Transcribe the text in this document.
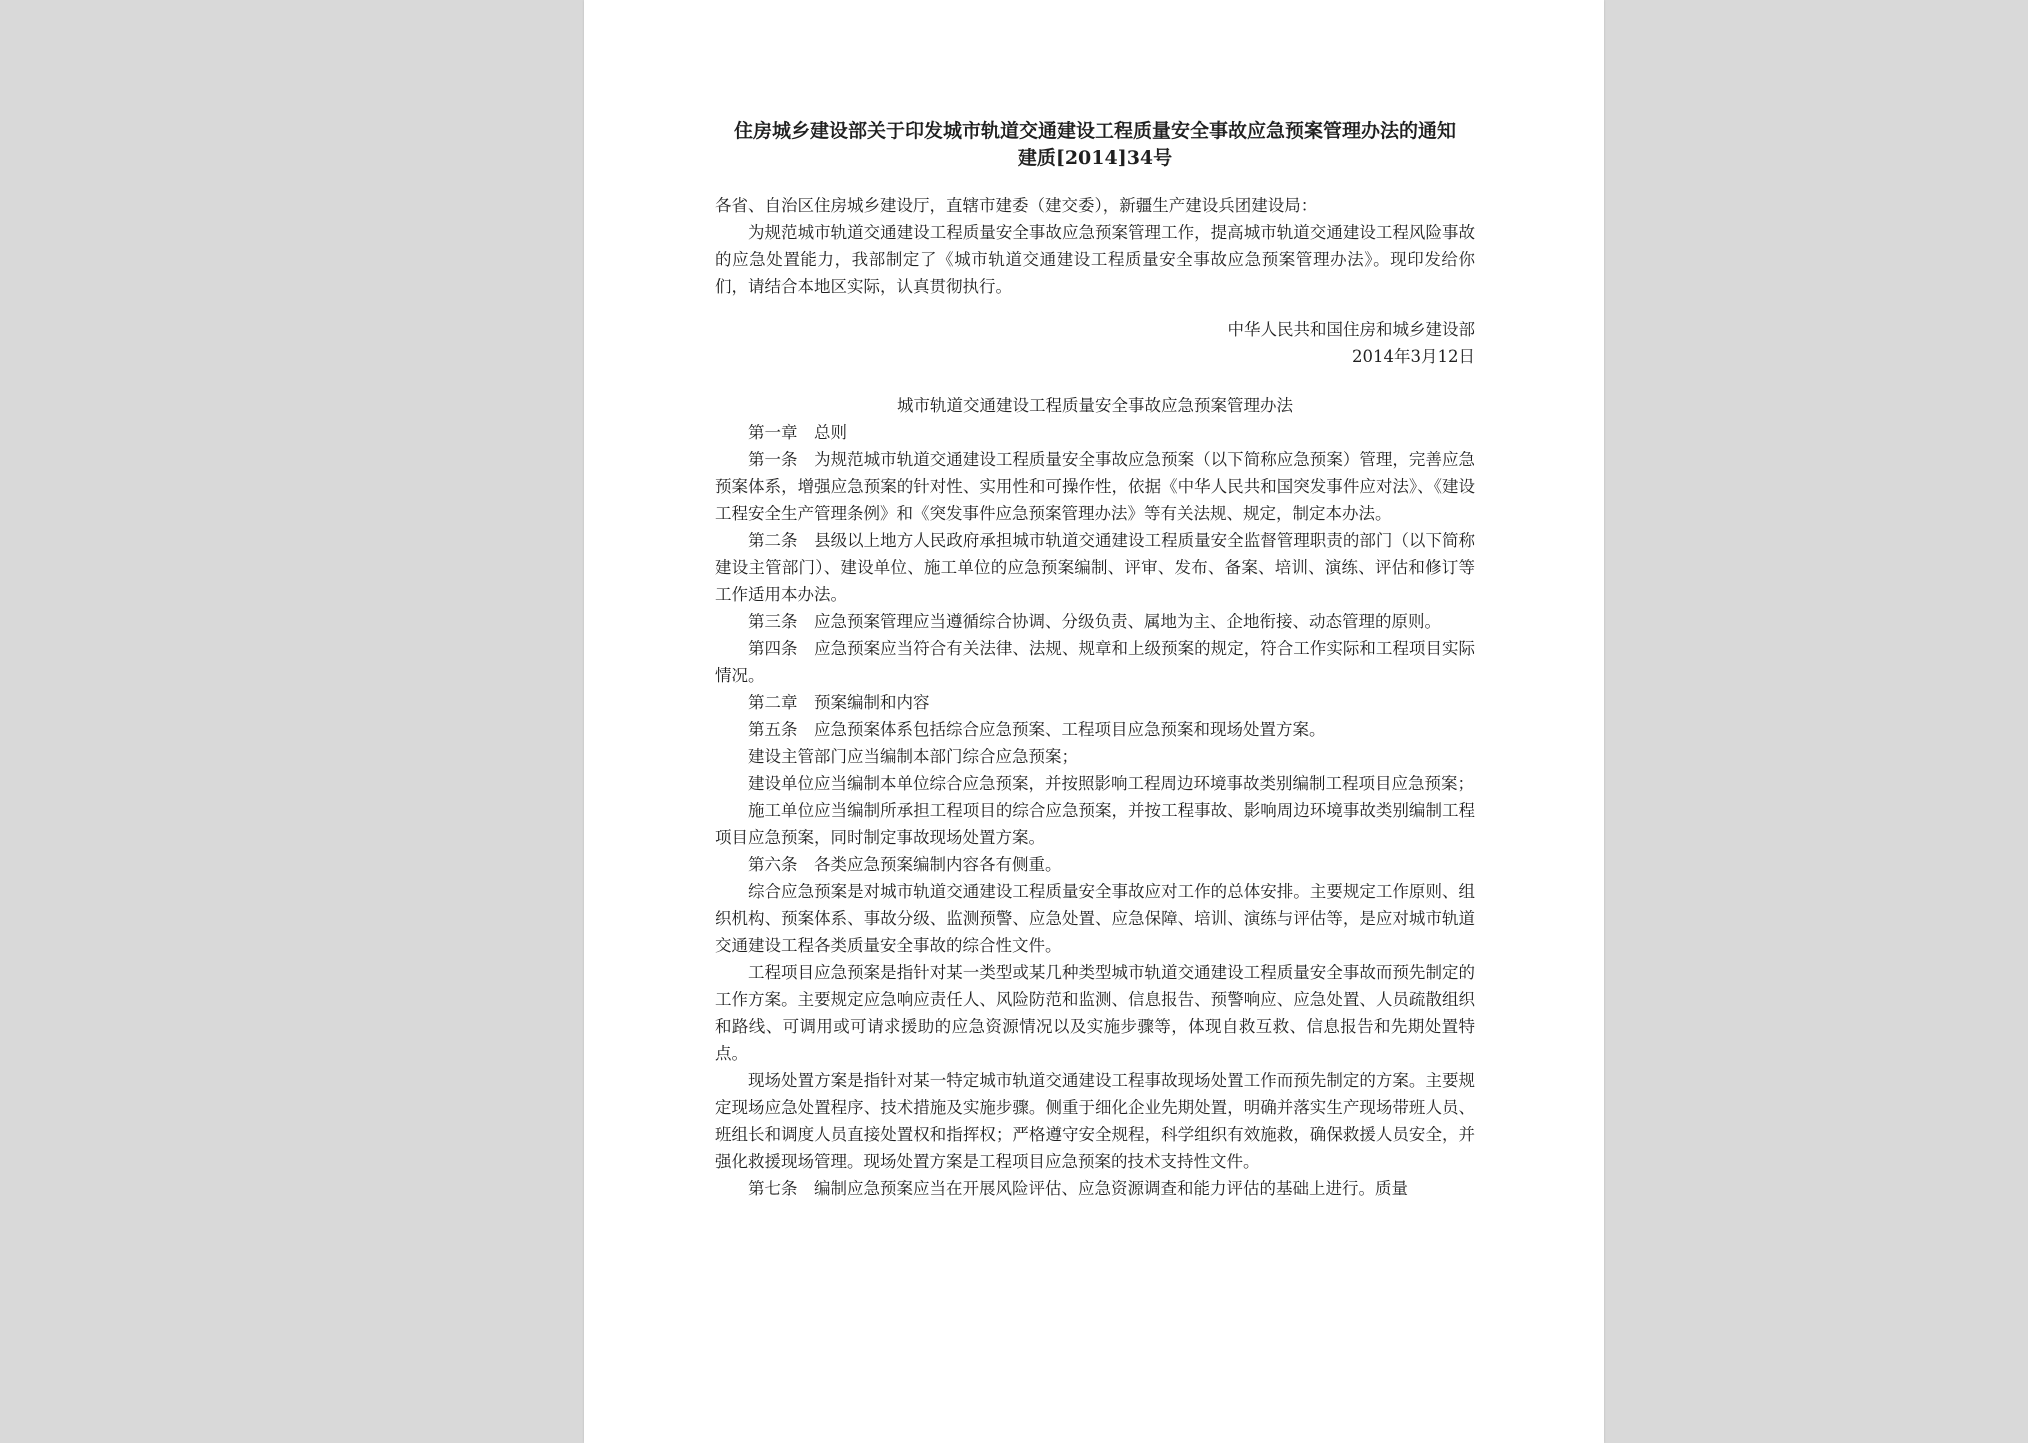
住房城乡建设部关于印发城市轨道交通建设工程质量安全事故应急预案管理办法的通知

建质[2014]34号

各省、自治区住房城乡建设厅，直辖市建委（建交委），新疆生产建设兵团建设局：

为规范城市轨道交通建设工程质量安全事故应急预案管理工作，提高城市轨道交通建设工程风险事故的应急处置能力，我部制定了《城市轨道交通建设工程质量安全事故应急预案管理办法》。现印发给你们，请结合本地区实际，认真贯彻执行。

中华人民共和国住房和城乡建设部

2014年3月12日

城市轨道交通建设工程质量安全事故应急预案管理办法

第一章　总则

第一条　为规范城市轨道交通建设工程质量安全事故应急预案（以下简称应急预案）管理，完善应急预案体系，增强应急预案的针对性、实用性和可操作性，依据《中华人民共和国突发事件应对法》、《建设工程安全生产管理条例》和《突发事件应急预案管理办法》等有关法规、规定，制定本办法。

第二条　县级以上地方人民政府承担城市轨道交通建设工程质量安全监督管理职责的部门（以下简称建设主管部门）、建设单位、施工单位的应急预案编制、评审、发布、备案、培训、演练、评估和修订等工作适用本办法。

第三条　应急预案管理应当遵循综合协调、分级负责、属地为主、企地衔接、动态管理的原则。

第四条　应急预案应当符合有关法律、法规、规章和上级预案的规定，符合工作实际和工程项目实际情况。

第二章　预案编制和内容

第五条　应急预案体系包括综合应急预案、工程项目应急预案和现场处置方案。

建设主管部门应当编制本部门综合应急预案；

建设单位应当编制本单位综合应急预案，并按照影响工程周边环境事故类别编制工程项目应急预案；

施工单位应当编制所承担工程项目的综合应急预案，并按工程事故、影响周边环境事故类别编制工程项目应急预案，同时制定事故现场处置方案。

第六条　各类应急预案编制内容各有侧重。

综合应急预案是对城市轨道交通建设工程质量安全事故应对工作的总体安排。主要规定工作原则、组织机构、预案体系、事故分级、监测预警、应急处置、应急保障、培训、演练与评估等，是应对城市轨道交通建设工程各类质量安全事故的综合性文件。

工程项目应急预案是指针对某一类型或某几种类型城市轨道交通建设工程质量安全事故而预先制定的工作方案。主要规定应急响应责任人、风险防范和监测、信息报告、预警响应、应急处置、人员疏散组织和路线、可调用或可请求援助的应急资源情况以及实施步骤等，体现自救互救、信息报告和先期处置特点。

现场处置方案是指针对某一特定城市轨道交通建设工程事故现场处置工作而预先制定的方案。主要规定现场应急处置程序、技术措施及实施步骤。侧重于细化企业先期处置，明确并落实生产现场带班人员、班组长和调度人员直接处置权和指挥权；严格遵守安全规程，科学组织有效施救，确保救援人员安全，并强化救援现场管理。现场处置方案是工程项目应急预案的技术支持性文件。

第七条　编制应急预案应当在开展风险评估、应急资源调查和能力评估的基础上进行。质量
